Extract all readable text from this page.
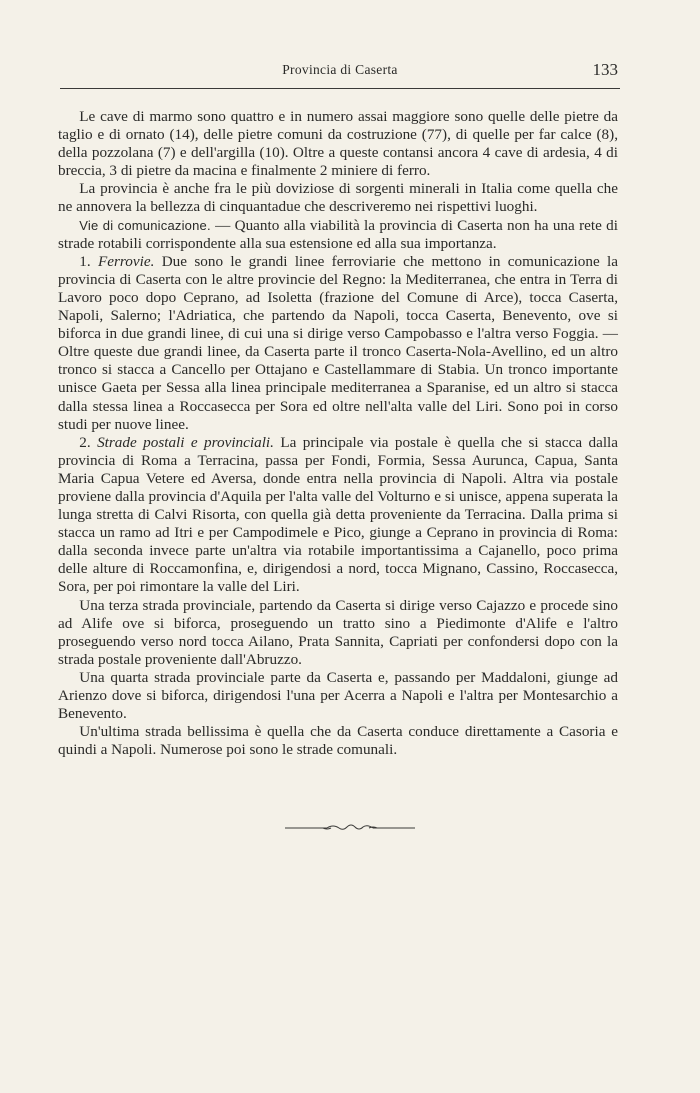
Provincia di Caserta	133

Le cave di marmo sono quattro e in numero assai maggiore sono quelle delle pietre da taglio e di ornato (14), delle pietre comuni da costruzione (77), di quelle per far calce (8), della pozzolana (7) e dell'argilla (10). Oltre a queste contansi ancora 4 cave di ardesia, 4 di breccia, 3 di pietre da macina e finalmente 2 miniere di ferro.

La provincia è anche fra le più doviziose di sorgenti minerali in Italia come quella che ne annovera la bellezza di cinquantadue che descriveremo nei rispettivi luoghi.

Vie di comunicazione. — Quanto alla viabilità la provincia di Caserta non ha una rete di strade rotabili corrispondente alla sua estensione ed alla sua importanza.

1. Ferrovie. Due sono le grandi linee ferroviarie che mettono in comunicazione la provincia di Caserta con le altre provincie del Regno: la Mediterranea, che entra in Terra di Lavoro poco dopo Ceprano, ad Isoletta (frazione del Comune di Arce), tocca Caserta, Napoli, Salerno; l'Adriatica, che partendo da Napoli, tocca Caserta, Benevento, ove si biforca in due grandi linee, di cui una si dirige verso Campobasso e l'altra verso Foggia. — Oltre queste due grandi linee, da Caserta parte il tronco Caserta-Nola-Avellino, ed un altro tronco si stacca a Cancello per Ottajano e Castellammare di Stabia. Un tronco importante unisce Gaeta per Sessa alla linea principale mediterranea a Sparanise, ed un altro si stacca dalla stessa linea a Roccasecca per Sora ed oltre nell'alta valle del Liri. Sono poi in corso studi per nuove linee.

2. Strade postali e provinciali. La principale via postale è quella che si stacca dalla provincia di Roma a Terracina, passa per Fondi, Formia, Sessa Aurunca, Capua, Santa Maria Capua Vetere ed Aversa, donde entra nella provincia di Napoli. Altra via postale proviene dalla provincia d'Aquila per l'alta valle del Volturno e si unisce, appena superata la lunga stretta di Calvi Risorta, con quella già detta proveniente da Terracina. Dalla prima si stacca un ramo ad Itri e per Campodimele e Pico, giunge a Ceprano in provincia di Roma: dalla seconda invece parte un'altra via rotabile importantissima a Cajanello, poco prima delle alture di Roccamonfina, e, dirigendosi a nord, tocca Mignano, Cassino, Roccasecca, Sora, per poi rimontare la valle del Liri.

Una terza strada provinciale, partendo da Caserta si dirige verso Cajazzo e procede sino ad Alife ove si biforca, proseguendo un tratto sino a Piedimonte d'Alife e l'altro proseguendo verso nord tocca Ailano, Prata Sannita, Capriati per confondersi dopo con la strada postale proveniente dall'Abruzzo.

Una quarta strada provinciale parte da Caserta e, passando per Maddaloni, giunge ad Arienzo dove si biforca, dirigendosi l'una per Acerra a Napoli e l'altra per Montesarchio a Benevento.

Un'ultima strada bellissima è quella che da Caserta conduce direttamente a Casoria e quindi a Napoli. Numerose poi sono le strade comunali.
